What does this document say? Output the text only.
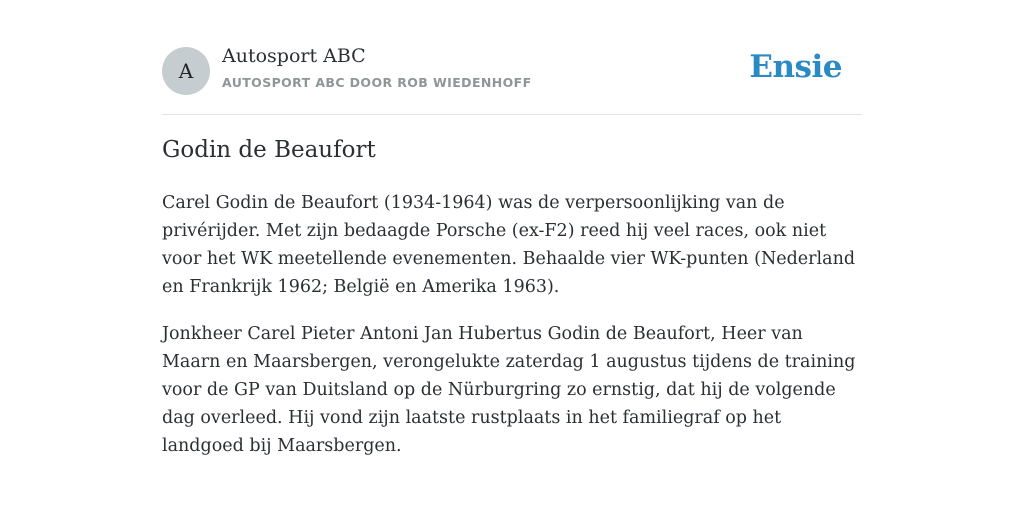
A
Autosport ABC
AUTOSPORT ABC DOOR ROB WIEDENHOFF	Ensie
Godin de Beaufort

Carel Godin de Beaufort (1934-1964) was de verpersoonlijking van de privérijder. Met zijn bedaagde Porsche (ex-F2) reed hij veel races, ook niet voor het WK meetellende evenementen. Behaalde vier WK-punten (Nederland en Frankrijk 1962; België en Amerika 1963).

Jonkheer Carel Pieter Antoni Jan Hubertus Godin de Beaufort, Heer van Maarn en Maarsbergen, verongelukte zaterdag 1 augustus tijdens de training voor de GP van Duitsland op de Nürburgring zo ernstig, dat hij de volgende dag overleed. Hij vond zijn laatste rustplaats in het familiegraf op het landgoed bij Maarsbergen.
